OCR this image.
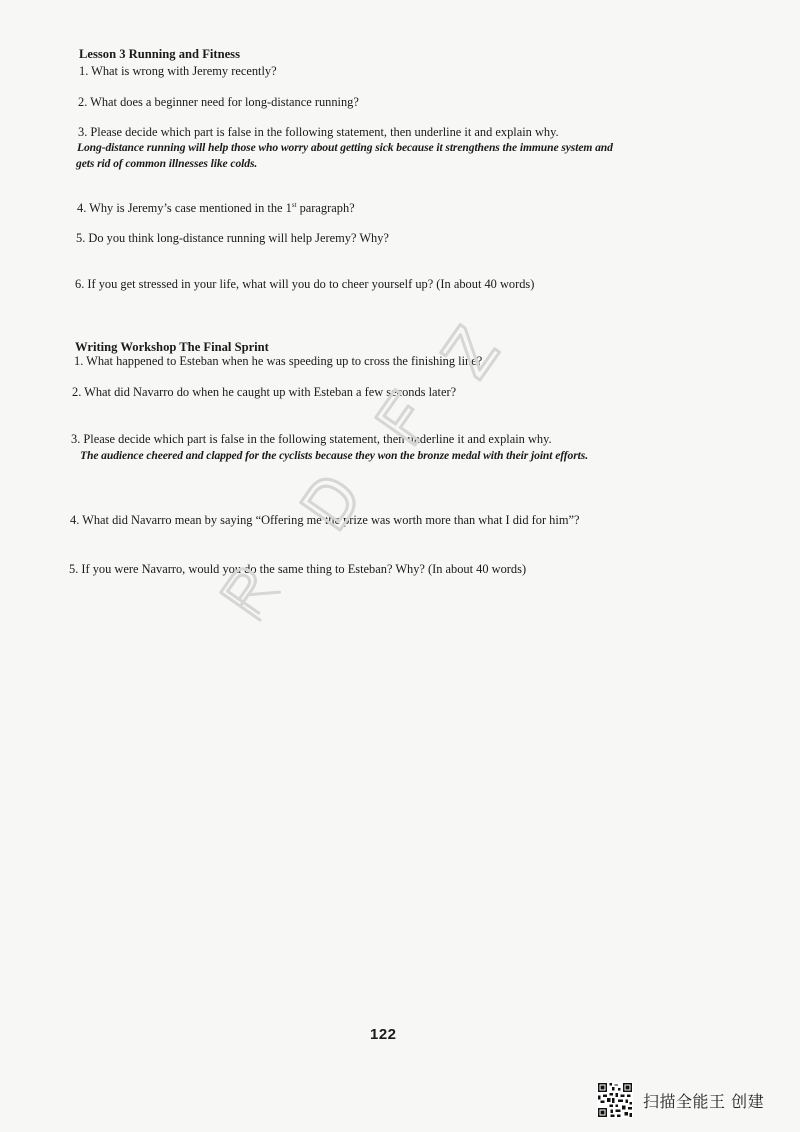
Lesson 3 Running and Fitness
1. What is wrong with Jeremy recently?
2. What does a beginner need for long-distance running?
3. Please decide which part is false in the following statement, then underline it and explain why.
Long-distance running will help those who worry about getting sick because it strengthens the immune system and
gets rid of common illnesses like colds.
4. Why is Jeremy’s case mentioned in the 1st paragraph?
5. Do you think long-distance running will help Jeremy? Why?
6. If you get stressed in your life, what will you do to cheer yourself up? (In about 40 words)
Writing Workshop The Final Sprint
1. What happened to Esteban when he was speeding up to cross the finishing line?
2. What did Navarro do when he caught up with Esteban a few seconds later?
3. Please decide which part is false in the following statement, then underline it and explain why.
The audience cheered and clapped for the cyclists because they won the bronze medal with their joint efforts.
4. What did Navarro mean by saying “Offering me the prize was worth more than what I did for him”?
5. If you were Navarro, would you do the same thing to Esteban? Why? (In about 40 words)
122
扫描全能王 创建
